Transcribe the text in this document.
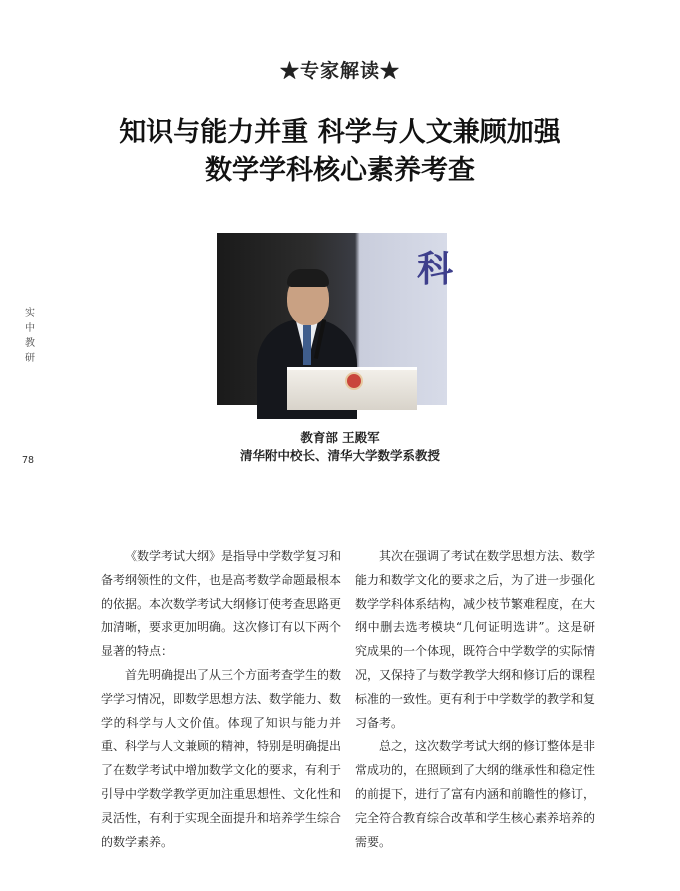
★专家解读★
知识与能力并重 科学与人文兼顾加强
数学学科核心素养考查
实
中
教
研
78
科
教育部 王殿军
清华附中校长、清华大学数学系教授

《数学考试大纲》是指导中学数学复习和备考纲领性的文件，也是高考数学命题最根本的依据。本次数学考试大纲修订使考查思路更加清晰，要求更加明确。这次修订有以下两个显著的特点：

首先明确提出了从三个方面考查学生的数学学习情况，即数学思想方法、数学能力、数学的科学与人文价值。体现了知识与能力并重、科学与人文兼顾的精神，特别是明确提出了在数学考试中增加数学文化的要求，有利于引导中学数学教学更加注重思想性、文化性和灵活性，有利于实现全面提升和培养学生综合的数学素养。

其次在强调了考试在数学思想方法、数学能力和数学文化的要求之后，为了进一步强化数学学科体系结构，减少枝节繁难程度，在大纲中删去选考模块“几何证明选讲”。这是研究成果的一个体现，既符合中学数学的实际情况，又保持了与数学教学大纲和修订后的课程标准的一致性。更有利于中学数学的教学和复习备考。

总之，这次数学考试大纲的修订整体是非常成功的，在照顾到了大纲的继承性和稳定性的前提下，进行了富有内涵和前瞻性的修订，完全符合教育综合改革和学生核心素养培养的需要。
